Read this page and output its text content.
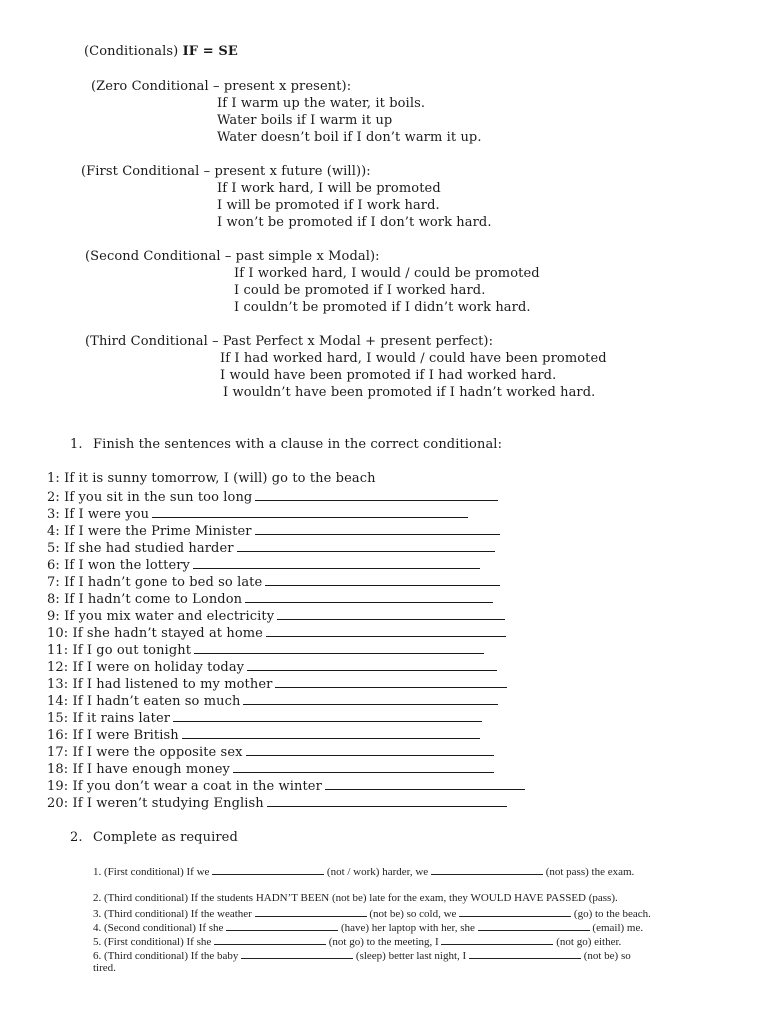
(Conditionals) IF = SE
(Zero Conditional – present x present):
If I warm up the water, it boils.
Water boils if I warm it up
Water doesn’t boil if I don’t warm it up.
(First Conditional – present x future (will)):
If I work hard, I will be promoted
I will be promoted if I work hard.
I won’t be promoted if I don’t work hard.
(Second Conditional – past simple x Modal):
If I worked hard, I would / could be promoted
I could be promoted if I worked hard.
I couldn’t be promoted if I didn’t work hard.
(Third Conditional – Past Perfect x Modal + present perfect):
If I had worked hard, I would / could have been promoted
I would have been promoted if I had worked hard.
I wouldn’t have been promoted if I hadn’t worked hard.
1. Finish the sentences with a clause in the correct conditional:
1: If it is sunny tomorrow, I (will) go to the beach
2: If you sit in the sun too long
3: If I were you
4: If I were the Prime Minister
5: If she had studied harder
6: If I won the lottery
7: If I hadn’t gone to bed so late
8: If I hadn’t come to London
9: If you mix water and electricity
10: If she hadn’t stayed at home
11: If I go out tonight
12: If I were on holiday today
13: If I had listened to my mother
14: If I hadn’t eaten so much
15: If it rains later
16: If I were British
17: If I were the opposite sex
18: If I have enough money
19: If you don’t wear a coat in the winter
20: If I weren’t studying English
2. Complete as required
1. (First conditional) If we	(not / work) harder, we	(not pass) the exam.
2. (Third conditional) If the students HADN’T BEEN (not be) late for the exam, they WOULD HAVE PASSED (pass).
3. (Third conditional) If the weather	(not be) so cold, we	(go) to the beach.
4. (Second conditional) If she	(have) her laptop with her, she	(email) me.
5. (First conditional) If she	(not go) to the meeting, I	(not go) either.
6. (Third conditional) If the baby	(sleep) better last night, I	(not be) so
tired.
